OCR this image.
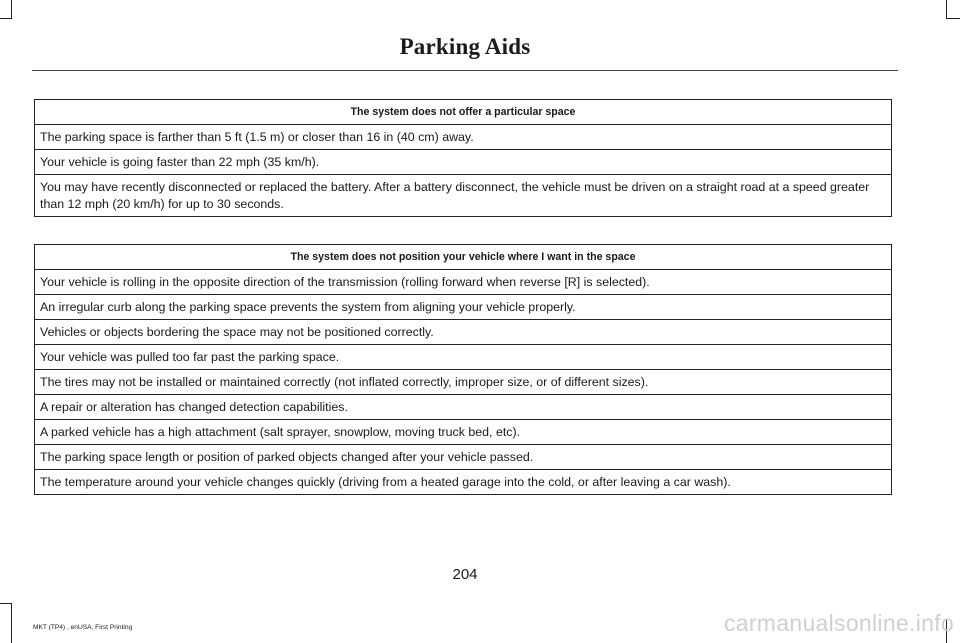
Parking Aids
The system does not offer a particular space
The parking space is farther than 5 ft (1.5 m) or closer than 16 in (40 cm) away.
Your vehicle is going faster than 22 mph (35 km/h).
You may have recently disconnected or replaced the battery. After a battery disconnect, the vehicle must be driven on a straight road at a speed greater than 12 mph (20 km/h) for up to 30 seconds.
The system does not position your vehicle where I want in the space
Your vehicle is rolling in the opposite direction of the transmission (rolling forward when reverse [R] is selected).
An irregular curb along the parking space prevents the system from aligning your vehicle properly.
Vehicles or objects bordering the space may not be positioned correctly.
Your vehicle was pulled too far past the parking space.
The tires may not be installed or maintained correctly (not inflated correctly, improper size, or of different sizes).
A repair or alteration has changed detection capabilities.
A parked vehicle has a high attachment (salt sprayer, snowplow, moving truck bed, etc).
The parking space length or position of parked objects changed after your vehicle passed.
The temperature around your vehicle changes quickly (driving from a heated garage into the cold, or after leaving a car wash).
204
MKT (TP4) , enUSA, First Printing	carmanualsonline.info
